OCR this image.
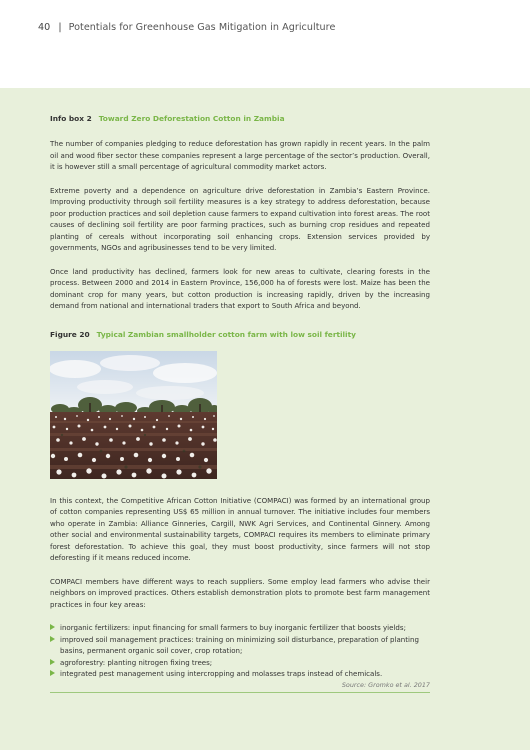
40 | Potentials for Greenhouse Gas Mitigation in Agriculture
Info box 2 Toward Zero Deforestation Cotton in Zambia

The number of companies pledging to reduce deforestation has grown rapidly in recent years. In the palm oil and wood fiber sector these companies represent a large percentage of the sector’s production. Overall, it is however still a small percentage of agricultural commodity market actors.

Extreme poverty and a dependence on agriculture drive deforestation in Zambia’s Eastern Province. Improving productivity through soil fertility measures is a key strategy to address deforestation, because poor production practices and soil depletion cause farmers to expand cultivation into forest areas. The root causes of declining soil fertility are poor farming practices, such as burning crop residues and repeated planting of cereals without incorporating soil enhancing crops. Extension services provided by governments, NGOs and agribusinesses tend to be very limited.

Once land productivity has declined, farmers look for new areas to cultivate, clearing forests in the process. Between 2000 and 2014 in Eastern Province, 156,000 ha of forests were lost. Maize has been the dominant crop for many years, but cotton production is increasing rapidly, driven by the increasing demand from national and international traders that export to South Africa and beyond.

Figure 20 Typical Zambian smallholder cotton farm with low soil fertility

In this context, the Competitive African Cotton Initiative (COMPACI) was formed by an international group of cotton companies representing US$ 65 million in annual turnover. The initiative includes four members who operate in Zambia: Alliance Ginneries, Cargill, NWK Agri Services, and Continental Ginnery. Among other social and environmental sustainability targets, COMPACI requires its members to eliminate primary forest deforestation. To achieve this goal, they must boost productivity, since farmers will not stop deforesting if it means reduced income.

COMPACI members have different ways to reach suppliers. Some employ lead farmers who advise their neighbors on improved practices. Others establish demonstration plots to promote best farm management practices in four key areas:

inorganic fertilizers: input financing for small farmers to buy inorganic fertilizer that boosts yields;
improved soil management practices: training on minimizing soil disturbance, preparation of planting basins, permanent organic soil cover, crop rotation;
agroforestry: planting nitrogen fixing trees;
integrated pest management using intercropping and molasses traps instead of chemicals.
Source: Gromko et al. 2017
